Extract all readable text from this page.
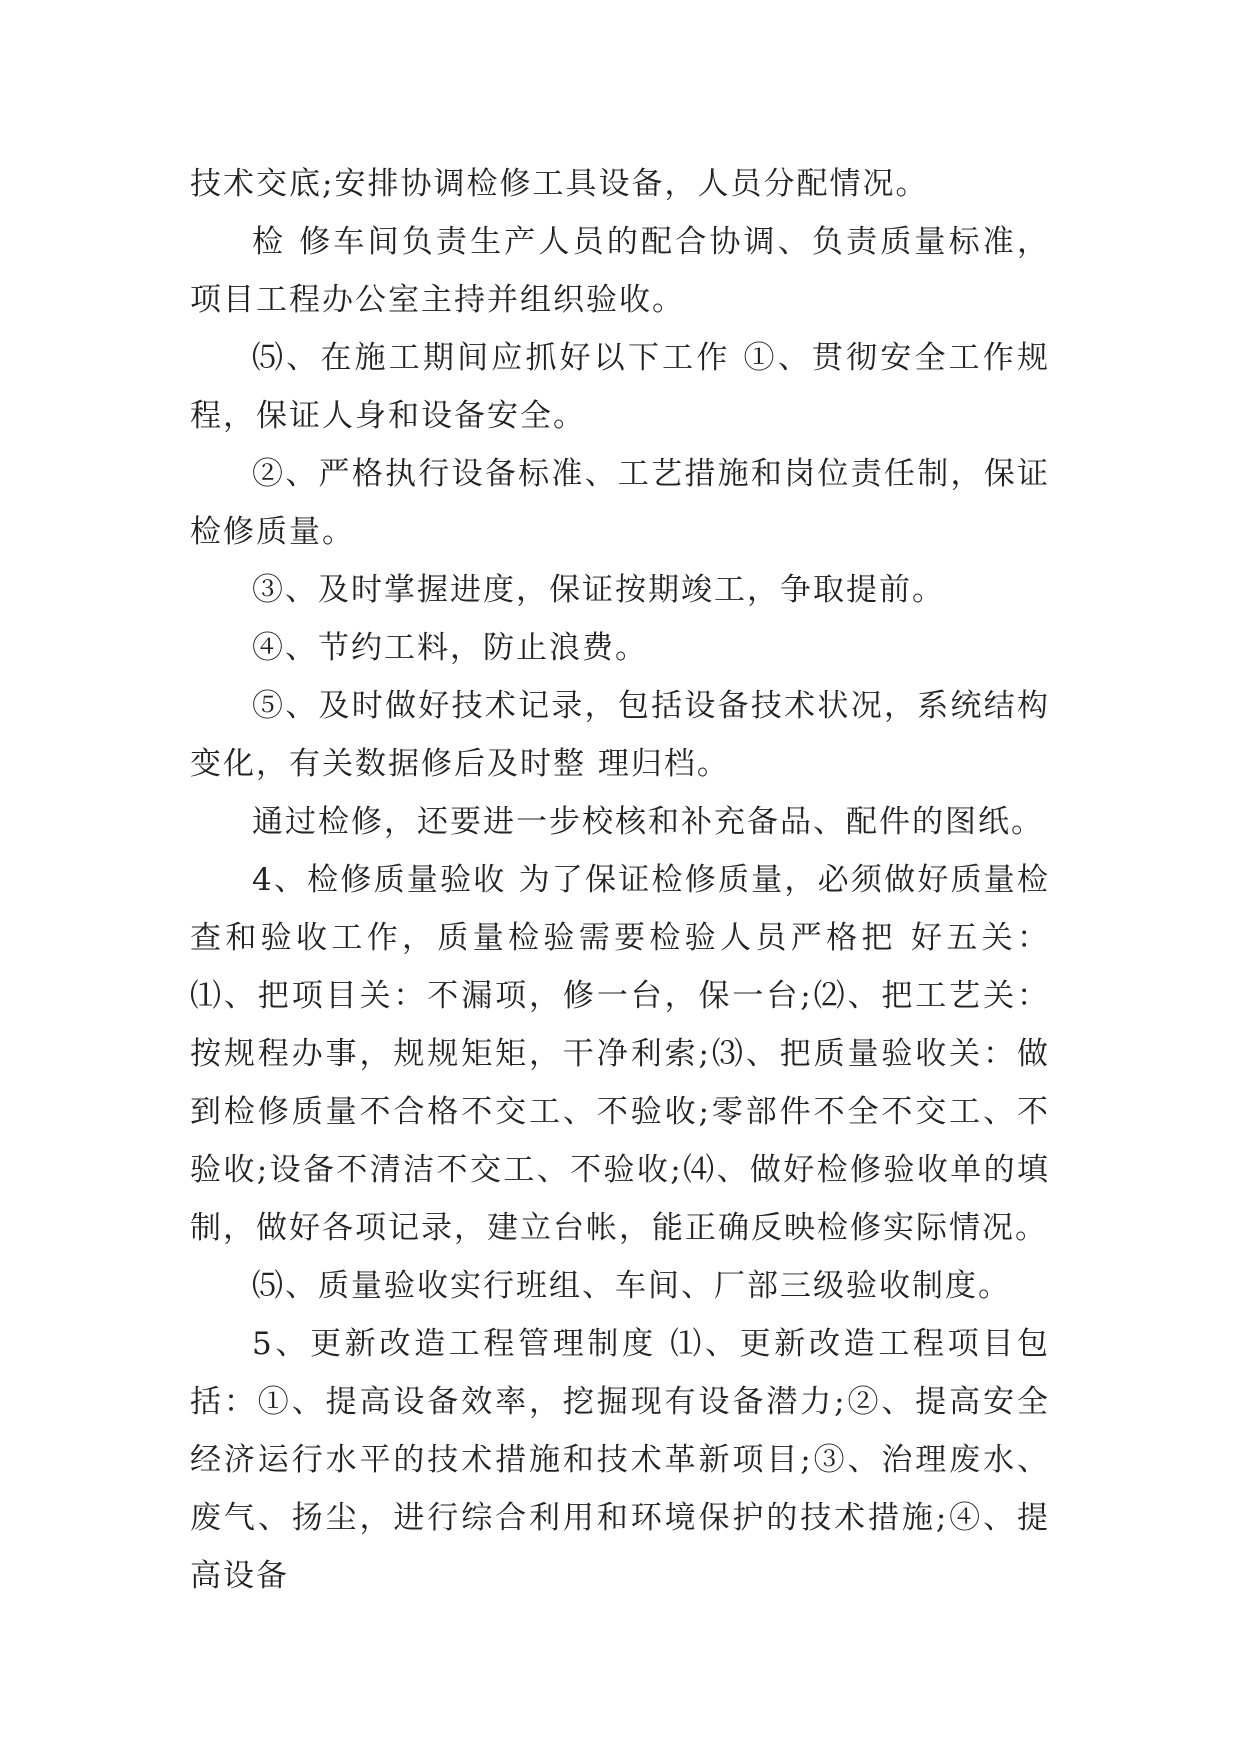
技术交底;安排协调检修工具设备，人员分配情况。

检 修车间负责生产人员的配合协调、负责质量标准，项目工程办公室主持并组织验收。

⑸、在施工期间应抓好以下工作 ①、贯彻安全工作规程，保证人身和设备安全。

②、严格执行设备标准、工艺措施和岗位责任制，保证检修质量。

③、及时掌握进度，保证按期竣工，争取提前。

④、节约工料，防止浪费。

⑤、及时做好技术记录，包括设备技术状况，系统结构变化，有关数据修后及时整 理归档。

通过检修，还要进一步校核和补充备品、配件的图纸。

4、检修质量验收 为了保证检修质量，必须做好质量检查和验收工作，质量检验需要检验人员严格把 好五关：⑴、把项目关：不漏项，修一台，保一台;⑵、把工艺关：按规程办事，规规矩矩，干净利索;⑶、把质量验收关：做到检修质量不合格不交工、不验收;零部件不全不交工、不 验收;设备不清洁不交工、不验收;⑷、做好检修验收单的填制，做好各项记录，建立台帐，能正确反映检修实际情况。

⑸、质量验收实行班组、车间、厂部三级验收制度。

5、更新改造工程管理制度 ⑴、更新改造工程项目包括：①、提高设备效率，挖掘现有设备潜力;②、提高安全经济运行水平的技术措施和技术革新项目;③、治理废水、废气、扬尘，进行综合利用和环境保护的技术措施;④、提高设备
